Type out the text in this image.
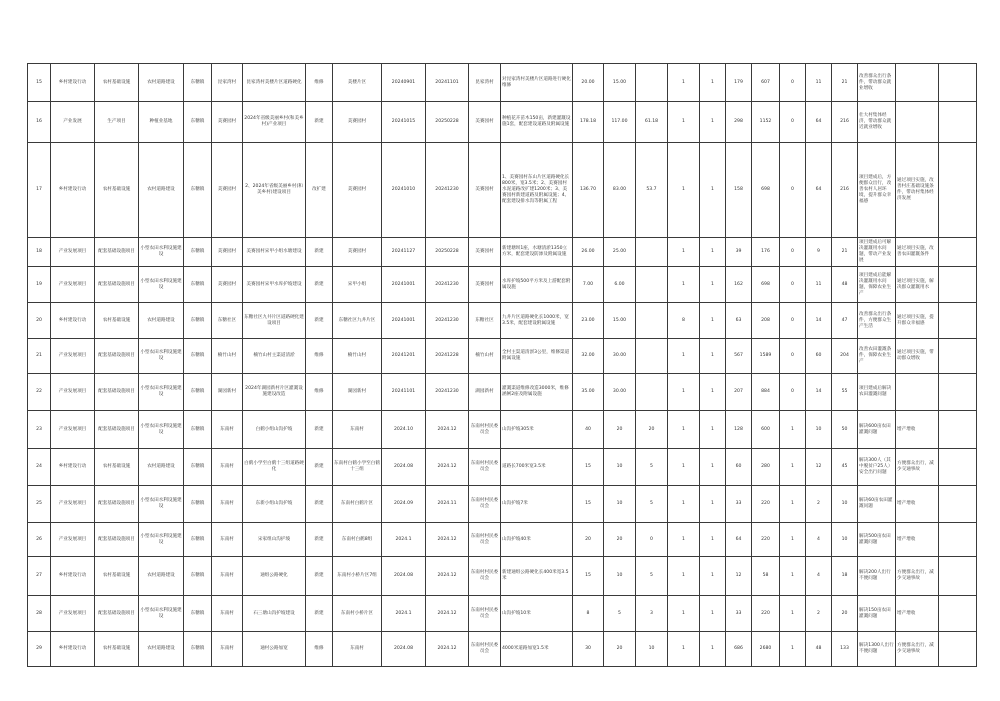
15	乡村建设行动	农村基础设施	农村道路建设	东糖镇	昆家湾村	昆家湾村美楼片区道路硬化	维修	美楼片区	20240901	20241101	昆家湾村	对昆家湾村美楼片区道路进行硬化维修	20.00	15.00		1	1	179	607	0	11	21	改善群众出行条件，带动群众就业增收		
16	产业发展	生产项目	种植业基地	东糖镇	美赛园村	2024年省级美丽乡村(和美乡村)产业项目	新建	美赛园村	20241015	20250228	美赛园村	种植花卉苗木150亩，新建灌溉设施1套，配套建设道路及附属设施	178.18	117.00	61.18	1	1	298	1152	0	64	216	壮大村集体经济，带动群众就近就业增收		
17	乡村建设行动	农村基础设施	农村道路建设	东糖镇	美赛园村	2、2024年省级美丽乡村(和美乡村)建设项目	改扩建	美赛园村	20241010	20241230	美赛园村	1、美赛园村东山片区道路硬化长800米，宽3.5米；2、美赛园村水泥道路改扩建1200米；3、美赛园村新建道路及附属设施；4、配套建设排水沟等附属工程	136.70	83.00	53.7	1	1	158	698	0	64	216	项目建成后，方便群众出行，改善农村人居环境，提升群众幸福感	通过项目实施，改善村庄基础设施条件，带动村集体经济发展	
18	产业发展项目	配套基础设施项目	小型农田水利设施建设	东糖镇	美赛园村	美赛园村宋甲小组水塘建设	新建	美赛园村	20241127	20250228	美赛园村	新建塘坝1座，水塘清淤1350立方米，配套建设防渗及附属设施	26.00	25.00		1	1	39	176	0	9	21	项目建成后可解决灌溉用水问题，带动产业发展	通过项目实施，改善农田灌溉条件	
19	产业发展项目	配套基础设施项目	小型农田水利设施建设	东糖镇	美赛园村	美赛园村宋甲水库护坡建设	新建	宋甲小组	20241001	20241230	美赛园村	水库护坡500平方米及上游配套附属设施	7.00	6.00		1	1	162	698	0	11	48	项目建成后能解决灌溉用水问题，保障农业生产	通过项目实施，解决群众灌溉用水	
20	乡村建设行动	农村基础设施	农村道路建设	东糖镇	东糖社区	东糖社区九井片区道路硬化建设项目	新建	东糖社区九井片区	20241001	20241230	东糖社区	九井片区道路硬化长1000米，宽3.5米，配套建设附属设施	23.00	15.00		8	1	63	208	0	14	47	改善群众出行条件，方便群众生产生活	通过项目实施，提升群众幸福感	
21	产业发展项目	配套基础设施项目	小型农田水利设施建设	东糖镇	楠竹山村	楠竹山村主渠道清淤	维修	楠竹山村	20241201	20241228	楠竹山村	全村主渠道清淤3公里，维修渠道附属设施	32.00	30.00		1	1	567	1589	0	60	204	改善农田灌溉条件，保障农业生产	通过项目实施，带动群众增收	
22	产业发展项目	配套基础设施项目	小型农田水利设施建设	东糖镇	湖园新村	2024年湖园新村片区灌溉设施建设改造	维修	湖园新村	20241101	20241230	湖园新村	灌溉渠道维修改造3000米，维修涵闸2座及附属设施	35.00	30.00		1	1	207	884	0	14	55	项目建成后解决农田灌溉问题		
23	产业发展项目	配套基础设施项目	小型农田水利设施建设	东糖镇	东南村	白鹤小组山沟护坡	新建	东南村	2024.10	2024.12	东南村村民委员会	山沟护坡305米	40	20	20	1	1	128	600	1	10	50	解决600亩农田灌溉问题	增产增收	
24	乡村建设行动	农村基础设施	农村道路建设	东糖镇	东南村	白鹤小学至白鹤十三组道路硬化	新建	东南村白鹤小学至白鹤十三组	2024.08	2024.12	东南村村民委员会	道路长700米宽3.5米	15	10	5	1	1	60	280	1	12	45	解决300人（其中脱贫户25人）安全出行问题	方便群众出行，减少交通事故	
25	产业发展项目	配套基础设施项目	小型农田水利设施建设	东糖镇	东南村	东新小组山沟护坡	新建	东南村白鹤片区	2024.09	2024.11	东南村村民委员会	山沟护坡7米	15	10	5	1	1	33	220	1	2	10	解决60亩农田灌溉问题	增产增收	
26	产业发展项目	配套基础设施项目	小型农田水利设施建设	东糖镇	东南村	宋家组山沟护坡	新建	东南村白鹤8组	2024.1	2024.12	东南村村民委员会	山沟护坡40米	20	20	0	1	1	64	220	1	4	10	解决500亩农田灌溉问题	增产增收	
27	乡村建设行动	农村基础设施	农村道路建设	东糖镇	东南村	通组公路硬化	新建	东南村小桥片区7组	2024.08	2024.12	东南村村民委员会	新建通组公路硬化长400米宽3.5米	15	10	5	1	1	12	58	1	4	18	解决200人出行不便问题	方便群众出行，减少交通事故	
28	产业发展项目	配套基础设施项目	小型农田水利设施建设	东糖镇	东南村	石三塘山沟护坡建设	新建	东南村小桥片区	2024.1	2024.12	东南村村民委员会	山沟护坡10米	8	5	3	1	1	33	220	1	2	20	解决150亩农田灌溉问题	增产增收	
29	乡村建设行动	农村基础设施	农村道路建设	东糖镇	东南村	通村公路加宽	维修	东南村	2024.08	2024.12	东南村村民委员会	4000米道路加宽1.5米	30	20	10	1	1	686	2680	1	48	133	解决1300人出行不便问题	方便群众出行，减少交通事故	
